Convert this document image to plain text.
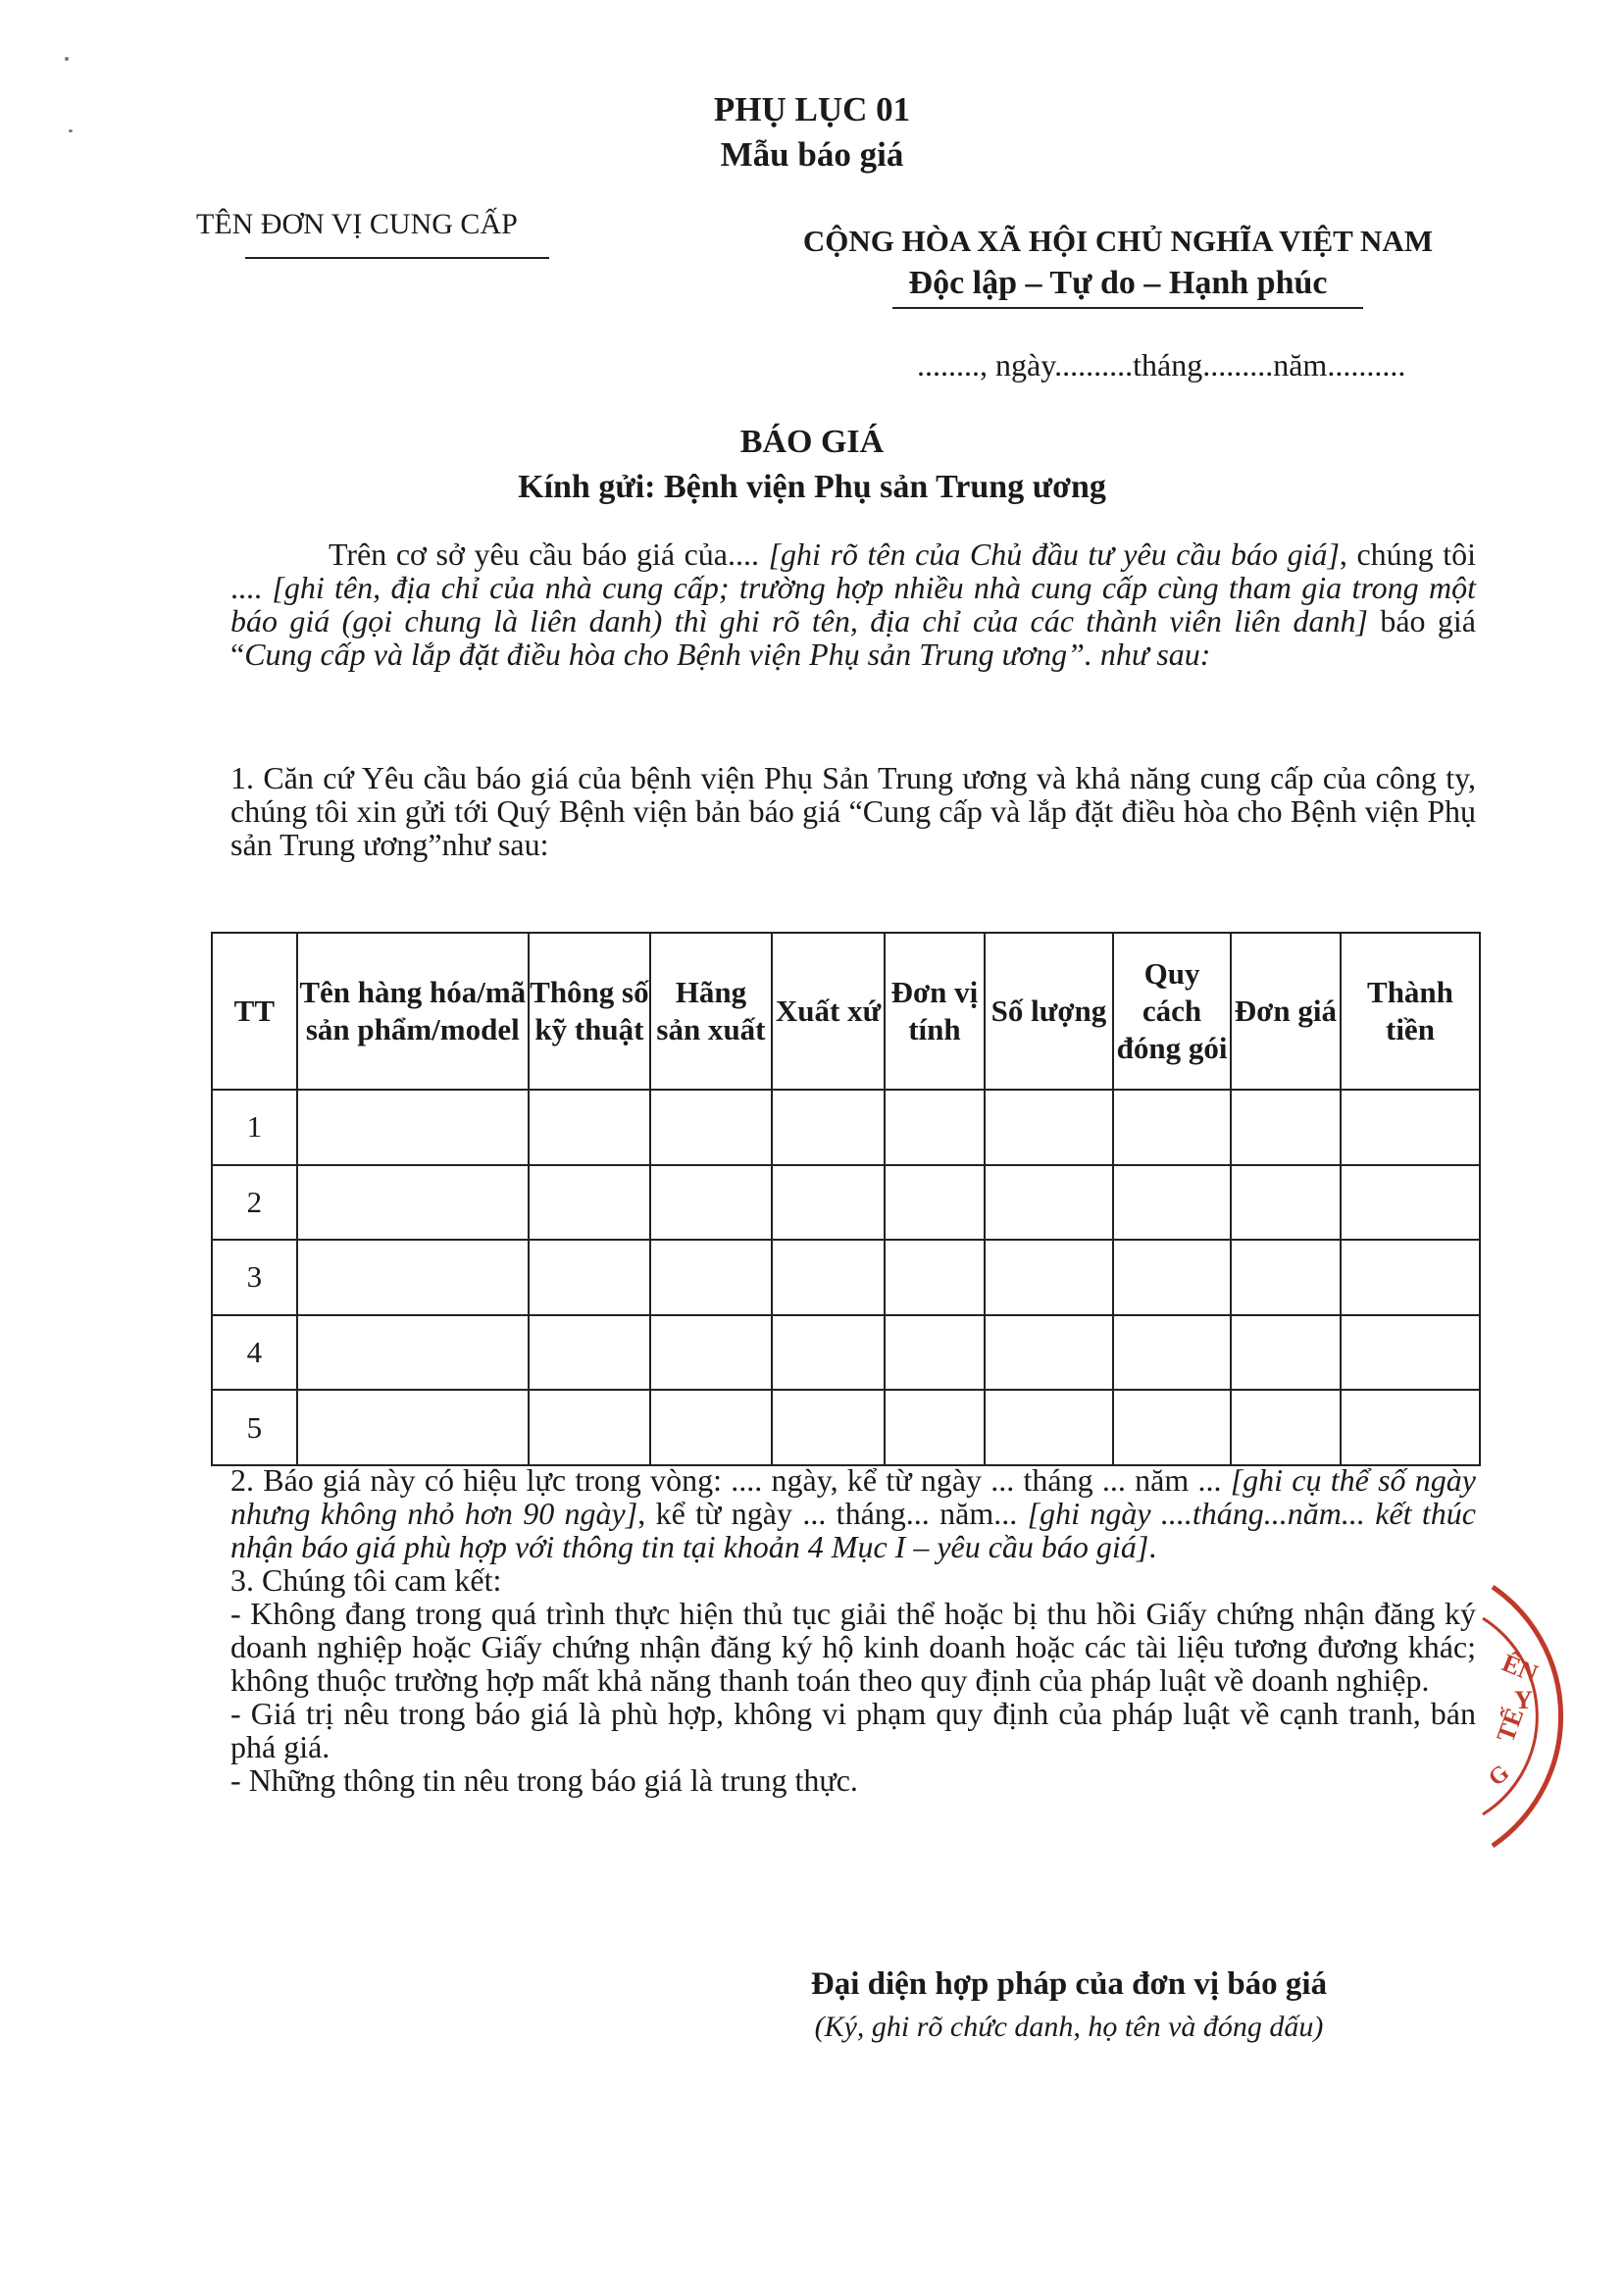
PHỤ LỤC 01
Mẫu báo giá
TÊN ĐƠN VỊ CUNG CẤP	CỘNG HÒA XÃ HỘI CHỦ NGHĨA VIỆT NAM
Độc lập – Tự do – Hạnh phúc
........, ngày..........tháng.........năm..........
BÁO GIÁ
Kính gửi: Bệnh viện Phụ sản Trung ương
Trên cơ sở yêu cầu báo giá của.... [ghi rõ tên của Chủ đầu tư yêu cầu báo giá], chúng tôi .... [ghi tên, địa chỉ của nhà cung cấp; trường hợp nhiều nhà cung cấp cùng tham gia trong một báo giá (gọi chung là liên danh) thì ghi rõ tên, địa chỉ của các thành viên liên danh] báo giá “Cung cấp và lắp đặt điều hòa cho Bệnh viện Phụ sản Trung ương”. như sau:
1. Căn cứ Yêu cầu báo giá của bệnh viện Phụ Sản Trung ương và khả năng cung cấp của công ty, chúng tôi xin gửi tới Quý Bệnh viện bản báo giá “Cung cấp và lắp đặt điều hòa cho Bệnh viện Phụ sản Trung ương”như sau:
TT	Tên hàng hóa/mã sản phẩm/model	Thông số kỹ thuật	Hãng sản xuất	Xuất xứ	Đơn vị tính	Số lượng	Quy cách đóng gói	Đơn giá	Thành tiền
1									
2									
3									
4									
5									

2. Báo giá này có hiệu lực trong vòng: .... ngày, kể từ ngày ... tháng ... năm ... [ghi cụ thể số ngày nhưng không nhỏ hơn 90 ngày], kể từ ngày ... tháng... năm... [ghi ngày ....tháng...năm... kết thúc nhận báo giá phù hợp với thông tin tại khoản 4 Mục I – yêu cầu báo giá].

3. Chúng tôi cam kết:

- Không đang trong quá trình thực hiện thủ tục giải thể hoặc bị thu hồi Giấy chứng nhận đăng ký doanh nghiệp hoặc Giấy chứng nhận đăng ký hộ kinh doanh hoặc các tài liệu tương đương khác; không thuộc trường hợp mất khả năng thanh toán theo quy định của pháp luật về doanh nghiệp.

- Giá trị nêu trong báo giá là phù hợp, không vi phạm quy định của pháp luật về cạnh tranh, bán phá giá.

- Những thông tin nêu trong báo giá là trung thực.

Đại diện hợp pháp của đơn vị báo giá
(Ký, ghi rõ chức danh, họ tên và đóng dấu)
ÊN
Y
TẾ
G
